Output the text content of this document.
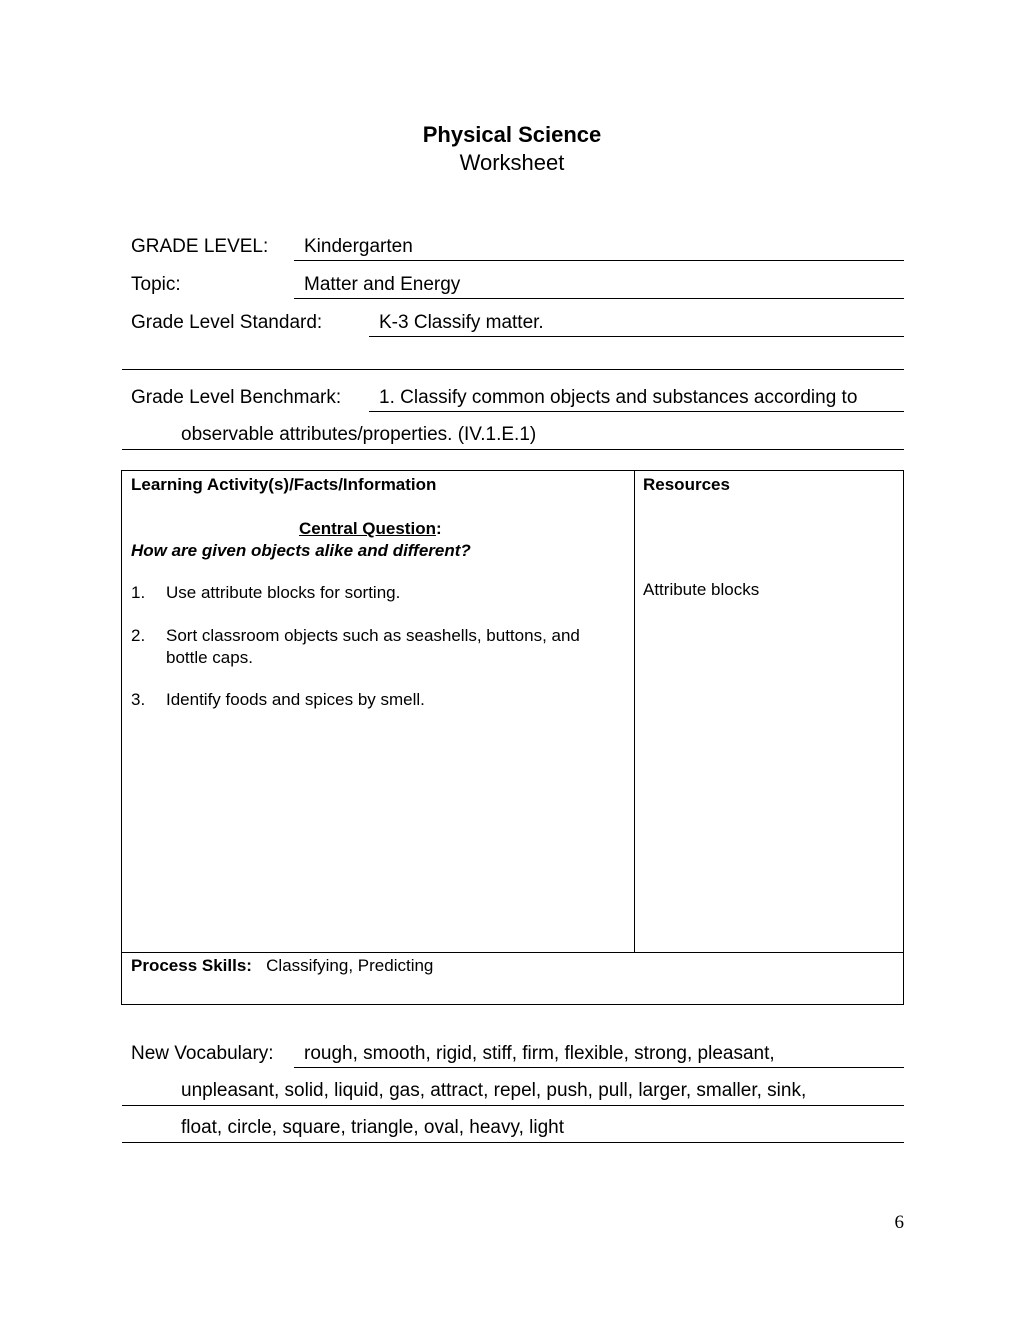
Physical Science
Worksheet
GRADE LEVEL:	Kindergarten
Topic:	Matter and Energy
Grade Level Standard:	K-3 Classify matter.
Grade Level Benchmark:	1. Classify common objects and substances according to
observable attributes/properties. (IV.1.E.1)
Learning Activity(s)/Facts/Information	Resources
Central Question:
How are given objects alike and different?
1. Use attribute blocks for sorting.
2. Sort classroom objects such as seashells, buttons, and bottle caps.
3. Identify foods and spices by smell.
Attribute blocks
Process Skills: Classifying, Predicting
New Vocabulary:	rough, smooth, rigid, stiff, firm, flexible, strong, pleasant,
unpleasant, solid, liquid, gas, attract, repel, push, pull, larger, smaller, sink,
float, circle, square, triangle, oval, heavy, light
6
